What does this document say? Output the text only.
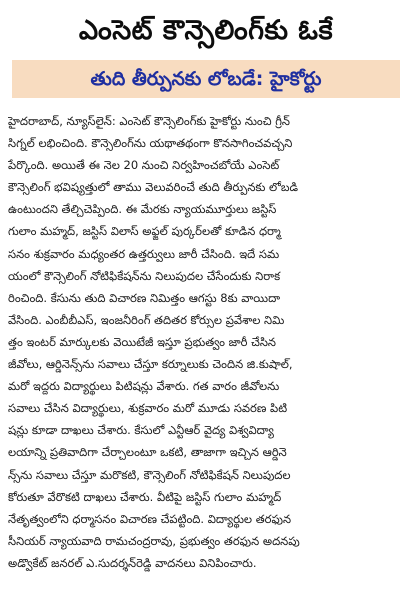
ఎంసెట్ కౌన్సెలింగ్‌కు ఓకే
తుది తీర్పునకు లోబడే: హైకోర్టు
హైదరాబాద్, న్యూస్‌లైన్: ఎంసెట్ కౌన్సెలింగ్‌కు హైకోర్టు నుంచి గ్రీన్
సిగ్నల్ లభించింది. కౌన్సెలింగ్‌ను యథాతథంగా కొనసాగించవచ్చని
పేర్కొంది. అయితే ఈ నెల 20 నుంచి నిర్వహించబోయే ఎంసెట్
కౌన్సెలింగ్ భవిష్యత్తులో తాము వెలువరించే తుది తీర్పునకు లోబడి
ఉంటుందని తేల్చిచెప్పింది. ఈ మేరకు న్యాయమూర్తులు జస్టిస్
గులాం మహ్మద్, జస్టిస్ విలాస్ అఫ్జల్ పుర్కర్‌లతో కూడిన ధర్మా
సనం శుక్రవారం మధ్యంతర ఉత్తర్వులు జారీ చేసింది. ఇదే సమ
యంలో కౌన్సెలింగ్ నోటిఫికేషన్‌ను నిలుపుదల చేసేందుకు నిరాక
రించింది. కేసును తుది విచారణ నిమిత్తం ఆగస్టు 8కు వాయిదా
వేసింది. ఎంబీబీఎస్, ఇంజనీరింగ్ తదితర కోర్సుల ప్రవేశాల నిమి
త్తం ఇంటర్ మార్కులకు వెయిటేజీ ఇస్తూ ప్రభుత్వం జారీ చేసిన
జీవోలు, ఆర్డినెన్స్‌ను సవాలు చేస్తూ కర్నూలుకు చెందిన జి.కుషాల్,
మరో ఇద్దరు విద్యార్థులు పిటిషన్లు వేశారు. గత వారం జీవోలను
సవాలు చేసిన విద్యార్థులు, శుక్రవారం మరో మూడు సవరణ పిటి
షన్లు కూడా దాఖలు చేశారు. కేసులో ఎన్టీఆర్ వైద్య విశ్వవిద్యా
లయాన్ని ప్రతివాదిగా చేర్చాలంటూ ఒకటి, తాజాగా ఇచ్చిన ఆర్డినె
న్స్‌ను సవాలు చేస్తూ మరొకటి, కౌన్సెలింగ్ నోటిఫికేషన్ నిలుపుదల
కోరుతూ వేరొకటి దాఖలు చేశారు. వీటిపై జస్టిస్ గులాం మహ్మద్
నేతృత్వంలోని ధర్మాసనం విచారణ చేపట్టింది. విద్యార్థుల తరఫున
సీనియర్ న్యాయవాది రామచంద్రరావు, ప్రభుత్వం తరఫున అదనపు
అడ్వొకేట్ జనరల్ ఎ.సుదర్శన్‌రెడ్డి వాదనలు వినిపించారు.
